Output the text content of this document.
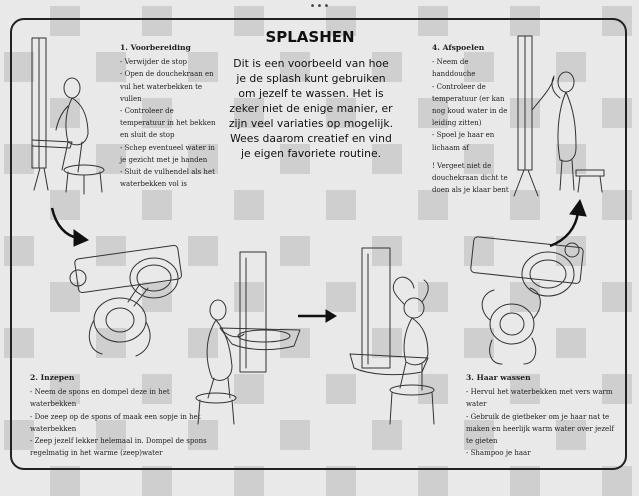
•••
SPLASHEN
Dit is een voorbeeld van hoe je de splash kunt gebruiken om jezelf te wassen. Het is zeker niet de enige manier, er zijn veel variaties op mogelijk. Wees daarom creatief en vind je eigen favoriete routine.
1. Voorbereiding

- Verwijder de stop

- Open de douchekraan en vul het waterbekken te vullen

- Controleer de temperatuur in het bekken en sluit de stop

- Schep eventueel water in je gezicht met je handen

- Sluit de vulhendel als het waterbekken vol is

2. Inzepen

- Neem de spons en dompel deze in het waterbekken

- Doe zeep op de spons of maak een sopje in het waterbekken

- Zeep jezelf lekker helemaal in. Dompel de spons regelmatig in het warme (zeep)water

3. Haar wassen

- Hervul het waterbekken met vers warm water

- Gebruik de gietbeker om je haar nat te maken en heerlijk warm water over jezelf te gieten

- Shampoo je haar

4. Afspoelen

- Neem de handdouche

- Controleer de temperatuur (er kan nog koud water in de leiding zitten)

- Spoel je haar en lichaam af

! Vergeet niet de douchekraan dicht te doen als je klaar bent
